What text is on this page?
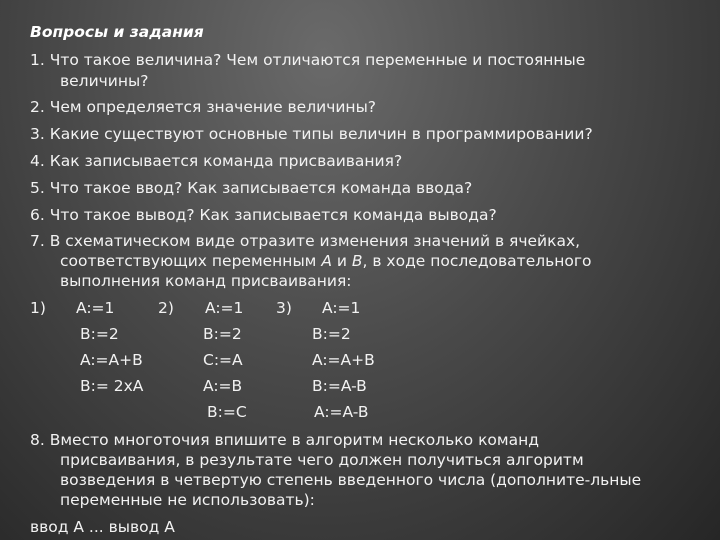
Вопросы и задания
1. Что такое величина? Чем отличаются переменные и постоянные
величины?
2. Чем определяется значение величины?
3. Какие существуют основные типы величин в программировании?
4. Как записывается команда присваивания?
5. Что такое ввод? Как записывается команда ввода?
6. Что такое вывод? Как записывается команда вывода?
7. В схематическом виде отразите изменения значений в ячейках,
соответствующих переменным А и В, в ходе последовательного
выполнения команд присваивания:
1) A:=1
B:=2
A:=A+B
B:= 2xA
2) A:=1
B:=2
C:=A
A:=B
B:=C
3) A:=1
B:=2
A:=A+B
B:=A-B
A:=A-B
8. Вместо многоточия впишите в алгоритм несколько команд
присваивания, в результате чего должен получиться алгоритм
возведения в четвертую степень введенного числа (дополните-льные
переменные не использовать):
ввод А ... вывод А
